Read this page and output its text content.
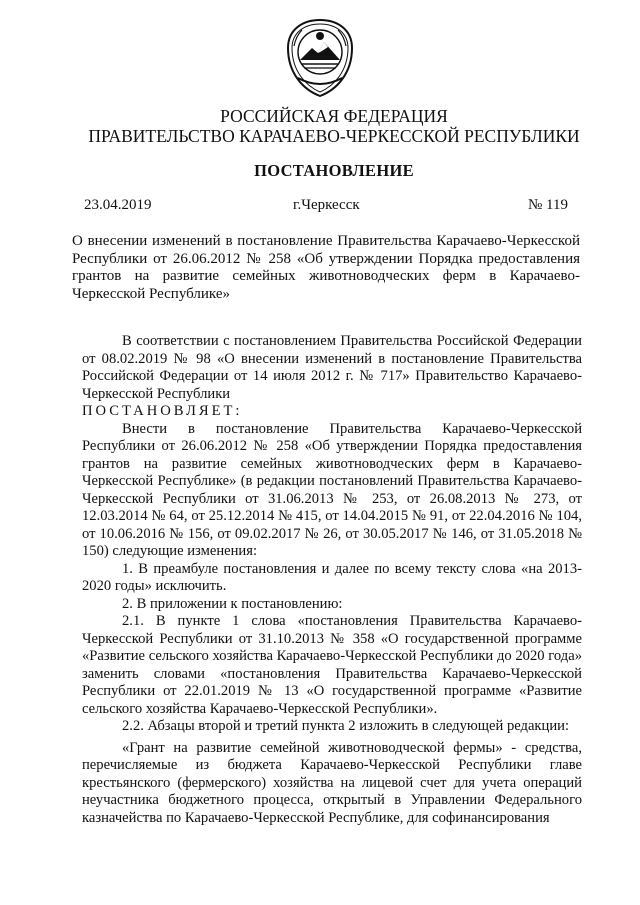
РОССИЙСКАЯ ФЕДЕРАЦИЯ
ПРАВИТЕЛЬСТВО КАРАЧАЕВО-ЧЕРКЕССКОЙ РЕСПУБЛИКИ
ПОСТАНОВЛЕНИЕ
23.04.2019	г.Черкесск	№ 119
О внесении изменений в постановление Правительства Карачаево-Черкесской Республики от 26.06.2012 № 258 «Об утверждении Порядка предоставления грантов на развитие семейных животноводческих ферм в Карачаево-Черкесской Республике»

В соответствии с постановлением Правительства Российской Федерации от 08.02.2019 № 98 «О внесении изменений в постановление Правительства Российской Федерации от 14 июля 2012 г. № 717» Правительство Карачаево-Черкесской Республики

ПОСТАНОВЛЯЕТ:

Внести в постановление Правительства Карачаево-Черкесской Республики от 26.06.2012 № 258 «Об утверждении Порядка предоставления грантов на развитие семейных животноводческих ферм в Карачаево-Черкесской Республике» (в редакции постановлений Правительства Карачаево-Черкесской Республики от 31.06.2013 № 253, от 26.08.2013 № 273, от 12.03.2014 № 64, от 25.12.2014 № 415, от 14.04.2015 № 91, от 22.04.2016 № 104, от 10.06.2016 № 156, от 09.02.2017 № 26, от 30.05.2017 № 146, от 31.05.2018 № 150) следующие изменения:

1. В преамбуле постановления и далее по всему тексту слова «на 2013-2020 годы» исключить.

2. В приложении к постановлению:

2.1. В пункте 1 слова «постановления Правительства Карачаево-Черкесской Республики от 31.10.2013 № 358 «О государственной программе «Развитие сельского хозяйства Карачаево-Черкесской Республики до 2020 года» заменить словами «постановления Правительства Карачаево-Черкесской Республики от 22.01.2019 № 13 «О государственной программе «Развитие сельского хозяйства Карачаево-Черкесской Республики».

2.2. Абзацы второй и третий пункта 2 изложить в следующей редакции:

«Грант на развитие семейной животноводческой фермы» - средства, перечисляемые из бюджета Карачаево-Черкесской Республики главе крестьянского (фермерского) хозяйства на лицевой счет для учета операций неучастника бюджетного процесса, открытый в Управлении Федерального казначейства по Карачаево-Черкесской Республике, для софинансирования
